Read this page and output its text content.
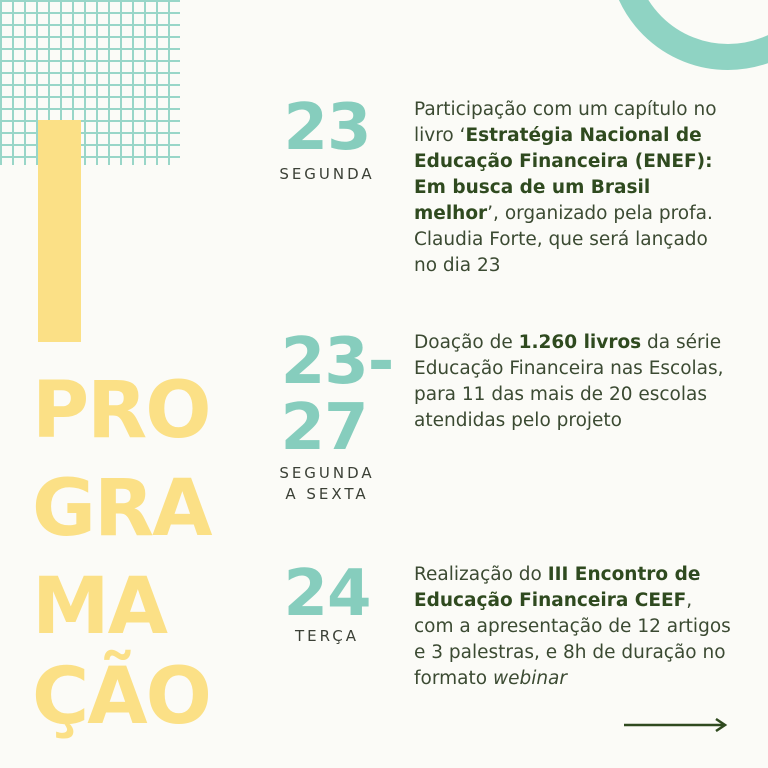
PRO
GRA
MA
ÇÃO
23
SEGUNDA
Participação com um capítulo no livro ‘Estratégia Nacional de Educação Financeira (ENEF): Em busca de um Brasil melhor’, organizado pela profa. Claudia Forte, que será lançado no dia 23
23-
27
SEGUNDA
A SEXTA
Doação de 1.260 livros da série Educação Financeira nas Escolas, para 11 das mais de 20 escolas atendidas pelo projeto
24
TERÇA
Realização do III Encontro de Educação Financeira CEEF, com a apresentação de 12 artigos e 3 palestras, e 8h de duração no formato webinar
